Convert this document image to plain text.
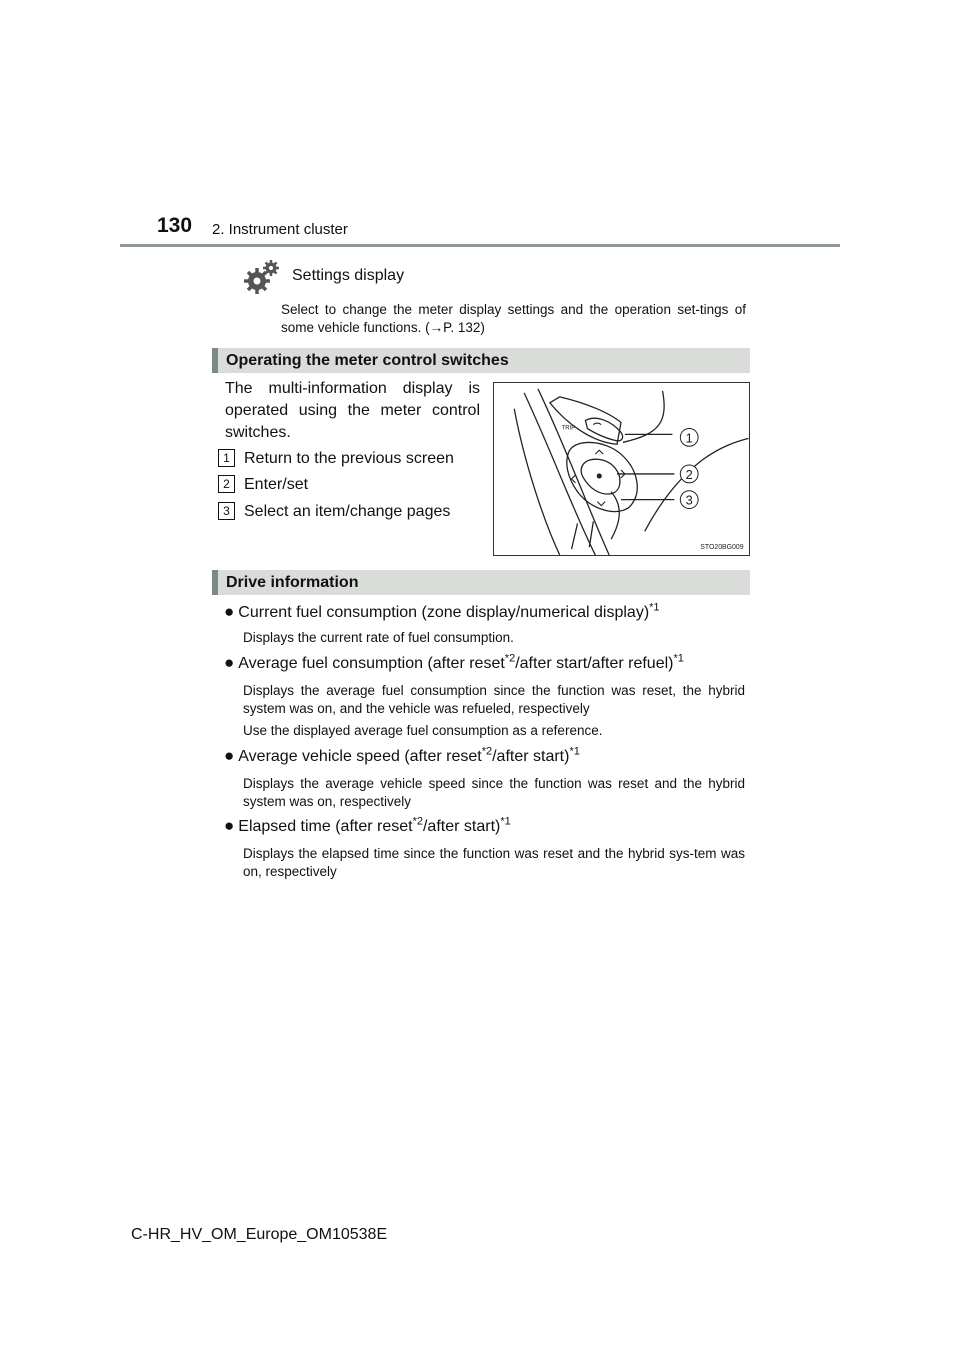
130 2. Instrument cluster
Settings display
Select to change the meter display settings and the operation set-tings of some vehicle functions. (→P. 132)
Operating the meter control switches
The multi-information display is operated using the meter control switches.
1 Return to the previous screen
2 Enter/set
3 Select an item/change pages
TRIP
1
2
3
STO20BG009
Drive information
● Current fuel consumption (zone display/numerical display)$^{*1}$
Displays the current rate of fuel consumption.
● Average fuel consumption (after reset$^{*2}$/after start/after refuel)$^{*1}$
Displays the average fuel consumption since the function was reset, the hybrid system was on, and the vehicle was refueled, respectively
Use the displayed average fuel consumption as a reference.
● Average vehicle speed (after reset$^{*2}$/after start)$^{*1}$
Displays the average vehicle speed since the function was reset and the hybrid system was on, respectively
● Elapsed time (after reset$^{*2}$/after start)$^{*1}$
Displays the elapsed time since the function was reset and the hybrid sys-tem was on, respectively
C-HR_HV_OM_Europe_OM10538E
